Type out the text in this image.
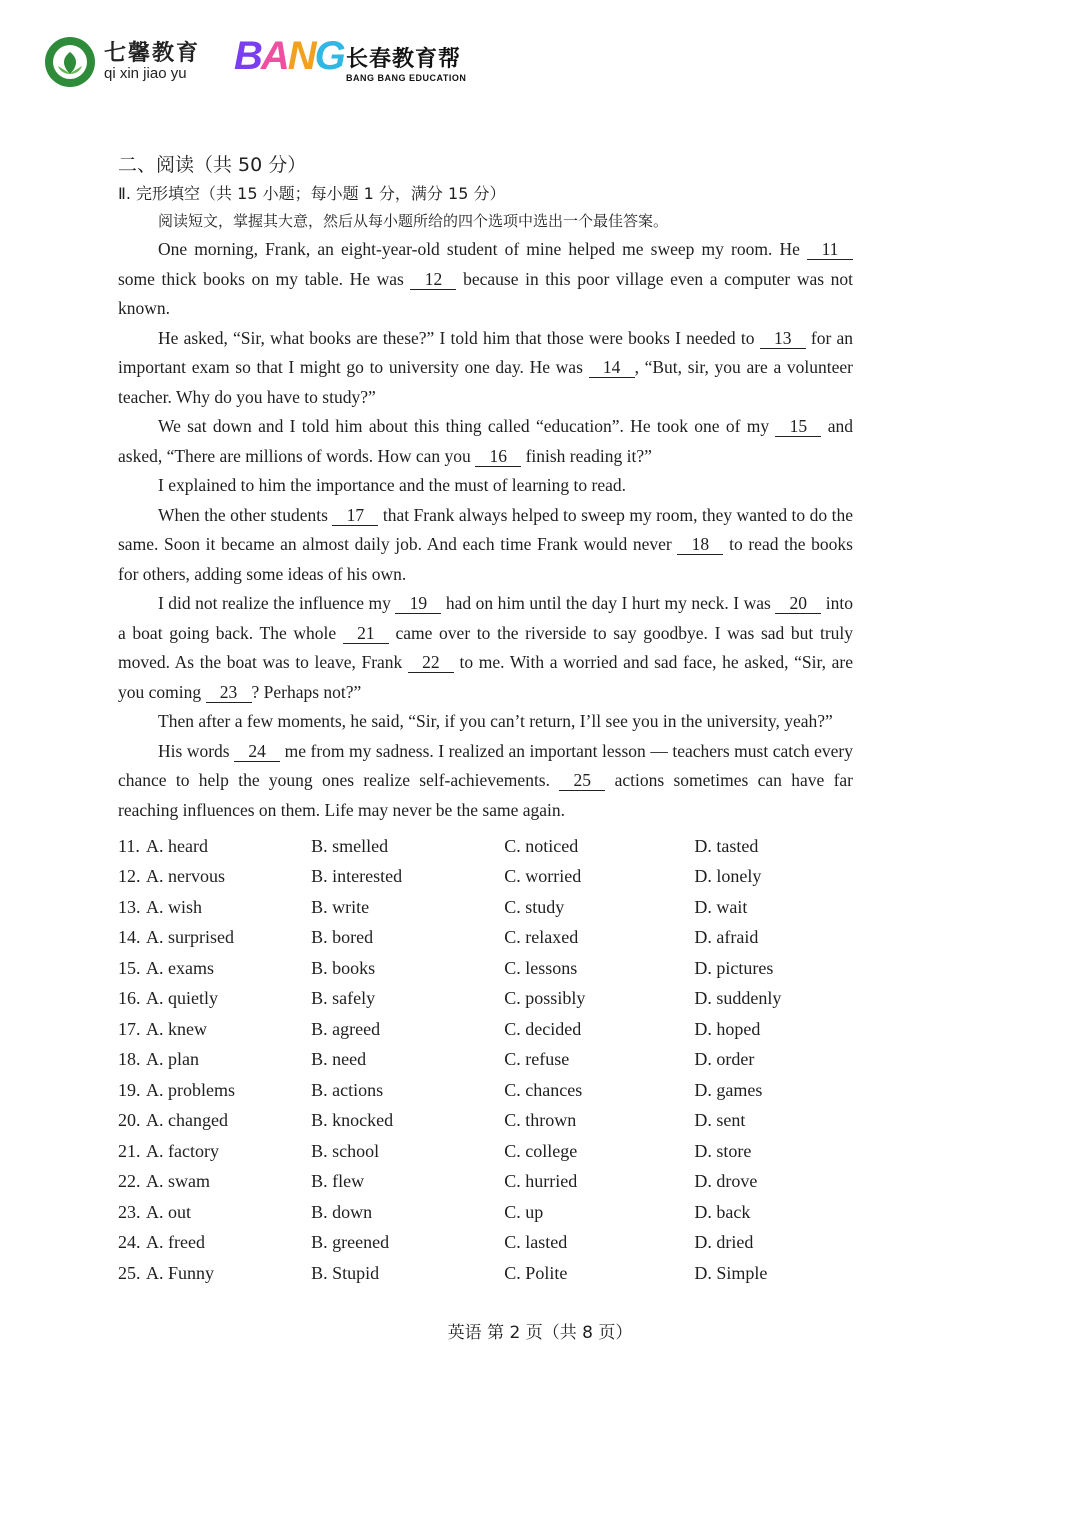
七馨教育
qi xin jiao yu	BANG 长春教育帮
BANG BANG EDUCATION
二、阅读（共 50 分）
Ⅱ. 完形填空（共 15 小题；每小题 1 分，满分 15 分）
阅读短文，掌握其大意，然后从每小题所给的四个选项中选出一个最佳答案。

One morning, Frank, an eight-year-old student of mine helped me sweep my room. He 11 some thick books on my table. He was 12 because in this poor village even a computer was not known.

He asked, “Sir, what books are these?” I told him that those were books I needed to 13 for an important exam so that I might go to university one day. He was 14 , “But, sir, you are a volunteer teacher. Why do you have to study?”

We sat down and I told him about this thing called “education”. He took one of my 15 and asked, “There are millions of words. How can you 16 finish reading it?”

I explained to him the importance and the must of learning to read.

When the other students 17 that Frank always helped to sweep my room, they wanted to do the same. Soon it became an almost daily job. And each time Frank would never 18 to read the books for others, adding some ideas of his own.

I did not realize the influence my 19 had on him until the day I hurt my neck. I was 20 into a boat going back. The whole 21 came over to the riverside to say goodbye. I was sad but truly moved. As the boat was to leave, Frank 22 to me. With a worried and sad face, he asked, “Sir, are you coming 23 ? Perhaps not?”

Then after a few moments, he said, “Sir, if you can’t return, I’ll see you in the university, yeah?”

His words 24 me from my sadness. I realized an important lesson — teachers must catch every chance to help the young ones realize self-achievements. 25 actions sometimes can have far reaching influences on them. Life may never be the same again.

11. A. heard	B. smelled	C. noticed	D. tasted
12. A. nervous	B. interested	C. worried	D. lonely
13. A. wish	B. write	C. study	D. wait
14. A. surprised	B. bored	C. relaxed	D. afraid
15. A. exams	B. books	C. lessons	D. pictures
16. A. quietly	B. safely	C. possibly	D. suddenly
17. A. knew	B. agreed	C. decided	D. hoped
18. A. plan	B. need	C. refuse	D. order
19. A. problems	B. actions	C. chances	D. games
20. A. changed	B. knocked	C. thrown	D. sent
21. A. factory	B. school	C. college	D. store
22. A. swam	B. flew	C. hurried	D. drove
23. A. out	B. down	C. up	D. back
24. A. freed	B. greened	C. lasted	D. dried
25. A. Funny	B. Stupid	C. Polite	D. Simple
英语 第 2 页（共 8 页）
